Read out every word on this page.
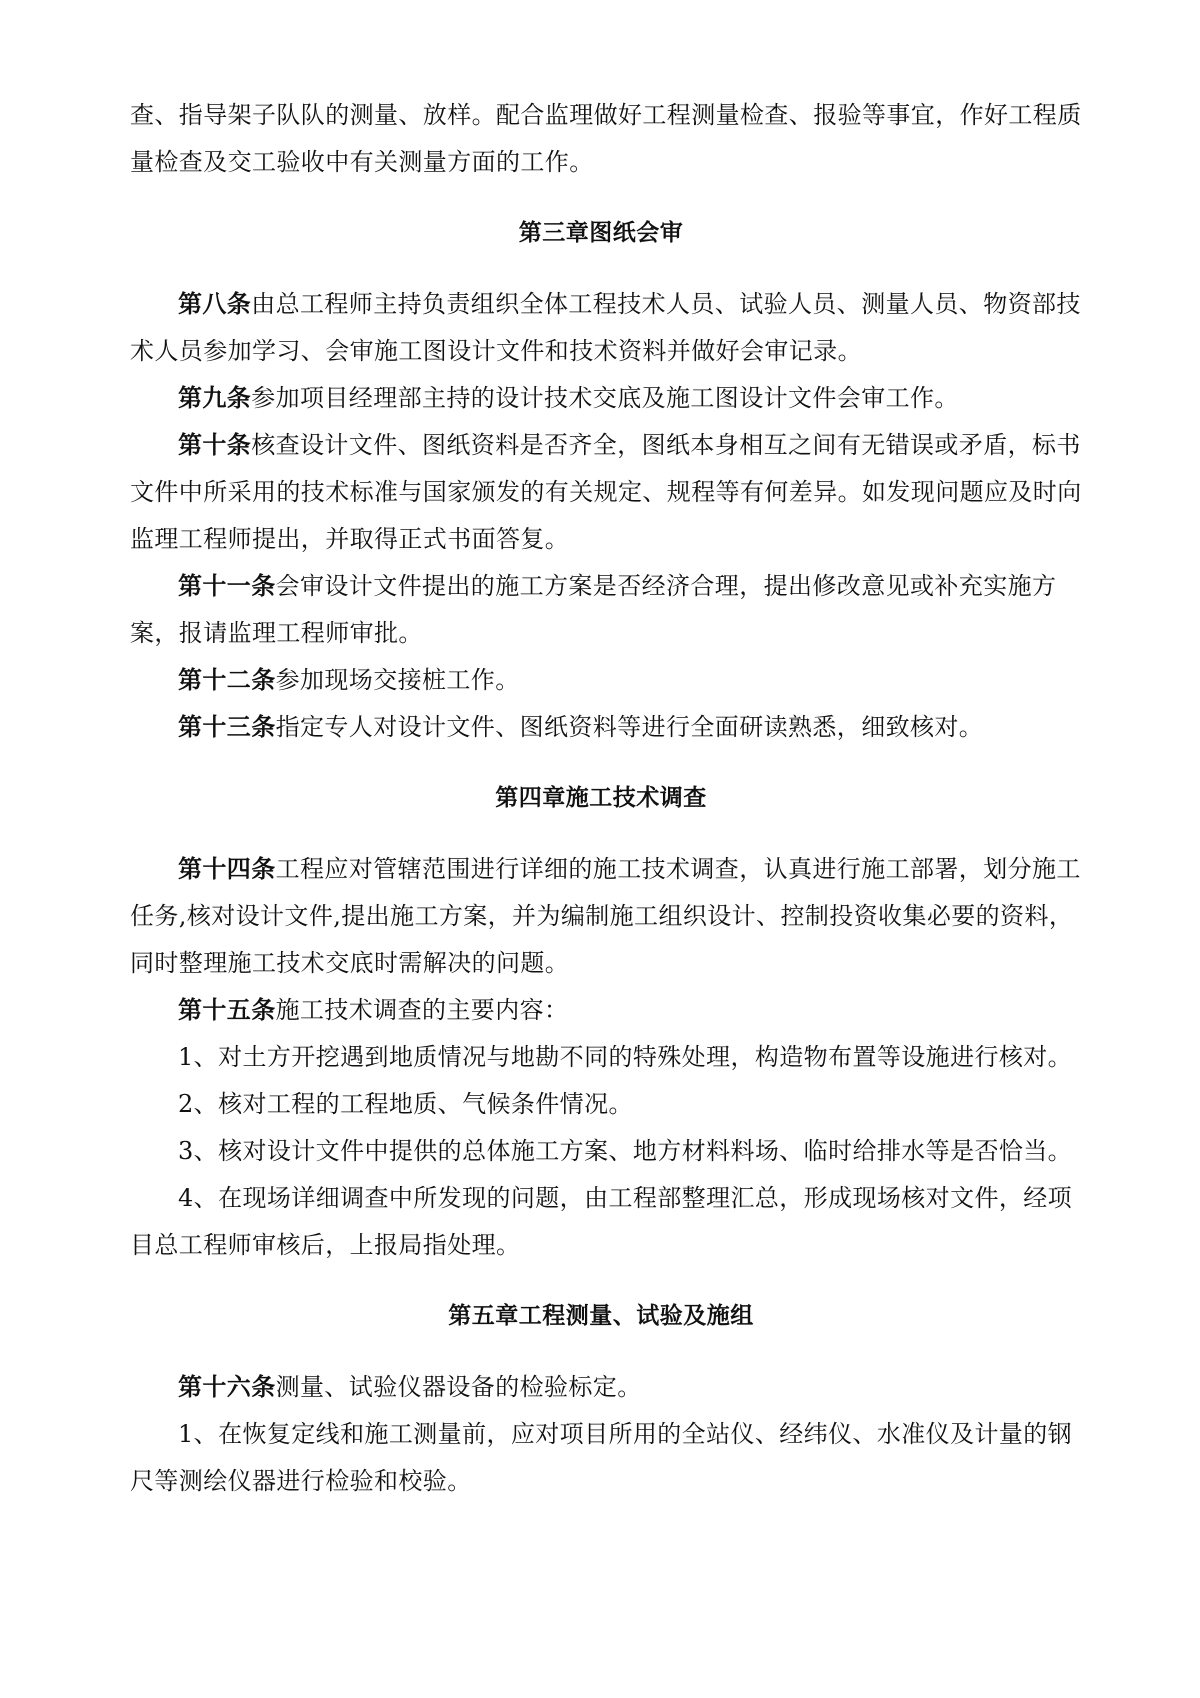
查、指导架子队队的测量、放样。配合监理做好工程测量检查、报验等事宜，作好工程质

量检查及交工验收中有关测量方面的工作。

第三章图纸会审

第八条由总工程师主持负责组织全体工程技术人员、试验人员、测量人员、物资部技

术人员参加学习、会审施工图设计文件和技术资料并做好会审记录。

第九条参加项目经理部主持的设计技术交底及施工图设计文件会审工作。

第十条核查设计文件、图纸资料是否齐全，图纸本身相互之间有无错误或矛盾，标书

文件中所采用的技术标准与国家颁发的有关规定、规程等有何差异。如发现问题应及时向

监理工程师提出，并取得正式书面答复。

第十一条会审设计文件提出的施工方案是否经济合理，提出修改意见或补充实施方

案，报请监理工程师审批。

第十二条参加现场交接桩工作。

第十三条指定专人对设计文件、图纸资料等进行全面研读熟悉，细致核对。

第四章施工技术调查

第十四条工程应对管辖范围进行详细的施工技术调查，认真进行施工部署，划分施工

任务,核对设计文件,提出施工方案，并为编制施工组织设计、控制投资收集必要的资料，

同时整理施工技术交底时需解决的问题。

第十五条施工技术调查的主要内容：

1、对土方开挖遇到地质情况与地勘不同的特殊处理，构造物布置等设施进行核对。

2、核对工程的工程地质、气候条件情况。

3、核对设计文件中提供的总体施工方案、地方材料料场、临时给排水等是否恰当。

4、在现场详细调查中所发现的问题，由工程部整理汇总，形成现场核对文件，经项

目总工程师审核后，上报局指处理。

第五章工程测量、试验及施组

第十六条测量、试验仪器设备的检验标定。

1、在恢复定线和施工测量前，应对项目所用的全站仪、经纬仪、水准仪及计量的钢

尺等测绘仪器进行检验和校验。
